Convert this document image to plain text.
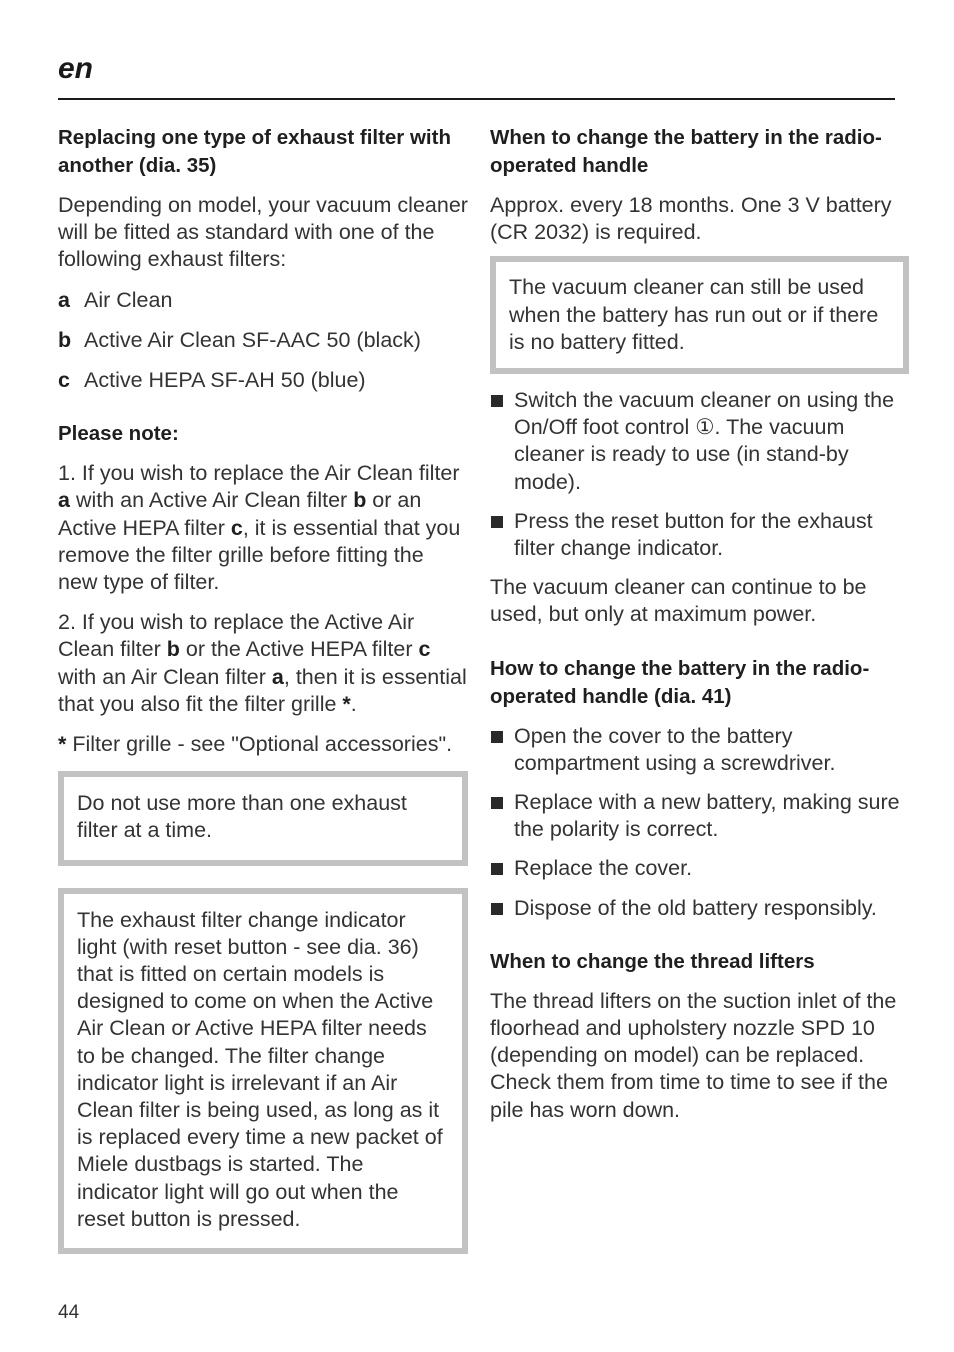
en

Replacing one type of exhaust filter with another (dia. 35)

Depending on model, your vacuum cleaner will be fitted as standard with one of the following exhaust filters:

a Air Clean
b Active Air Clean SF-AAC 50 (black)
c Active HEPA SF-AH 50 (blue)

Please note:

1. If you wish to replace the Air Clean filter a with an Active Air Clean filter b or an Active HEPA filter c, it is essential that you remove the filter grille before fitting the new type of filter.

2. If you wish to replace the Active Air Clean filter b or the Active HEPA filter c with an Air Clean filter a, then it is essential that you also fit the filter grille *.

* Filter grille - see "Optional accessories".

Do not use more than one exhaust filter at a time.
The exhaust filter change indicator light (with reset button - see dia. 36) that is fitted on certain models is designed to come on when the Active Air Clean or Active HEPA filter needs to be changed. The filter change indicator light is irrelevant if an Air Clean filter is being used, as long as it is replaced every time a new packet of Miele dustbags is started. The indicator light will go out when the reset button is pressed.

When to change the battery in the radio-operated handle

Approx. every 18 months. One 3 V battery (CR 2032) is required.

The vacuum cleaner can still be used when the battery has run out or if there is no battery fitted.
Switch the vacuum cleaner on using the On/Off foot control ①. The vacuum cleaner is ready to use (in stand-by mode).
Press the reset button for the exhaust filter change indicator.

The vacuum cleaner can continue to be used, but only at maximum power.

How to change the battery in the radio-operated handle (dia. 41)

Open the cover to the battery compartment using a screwdriver.
Replace with a new battery, making sure the polarity is correct.
Replace the cover.
Dispose of the old battery responsibly.

When to change the thread lifters

The thread lifters on the suction inlet of the floorhead and upholstery nozzle SPD 10 (depending on model) can be replaced.

Check them from time to time to see if the pile has worn down.

44
